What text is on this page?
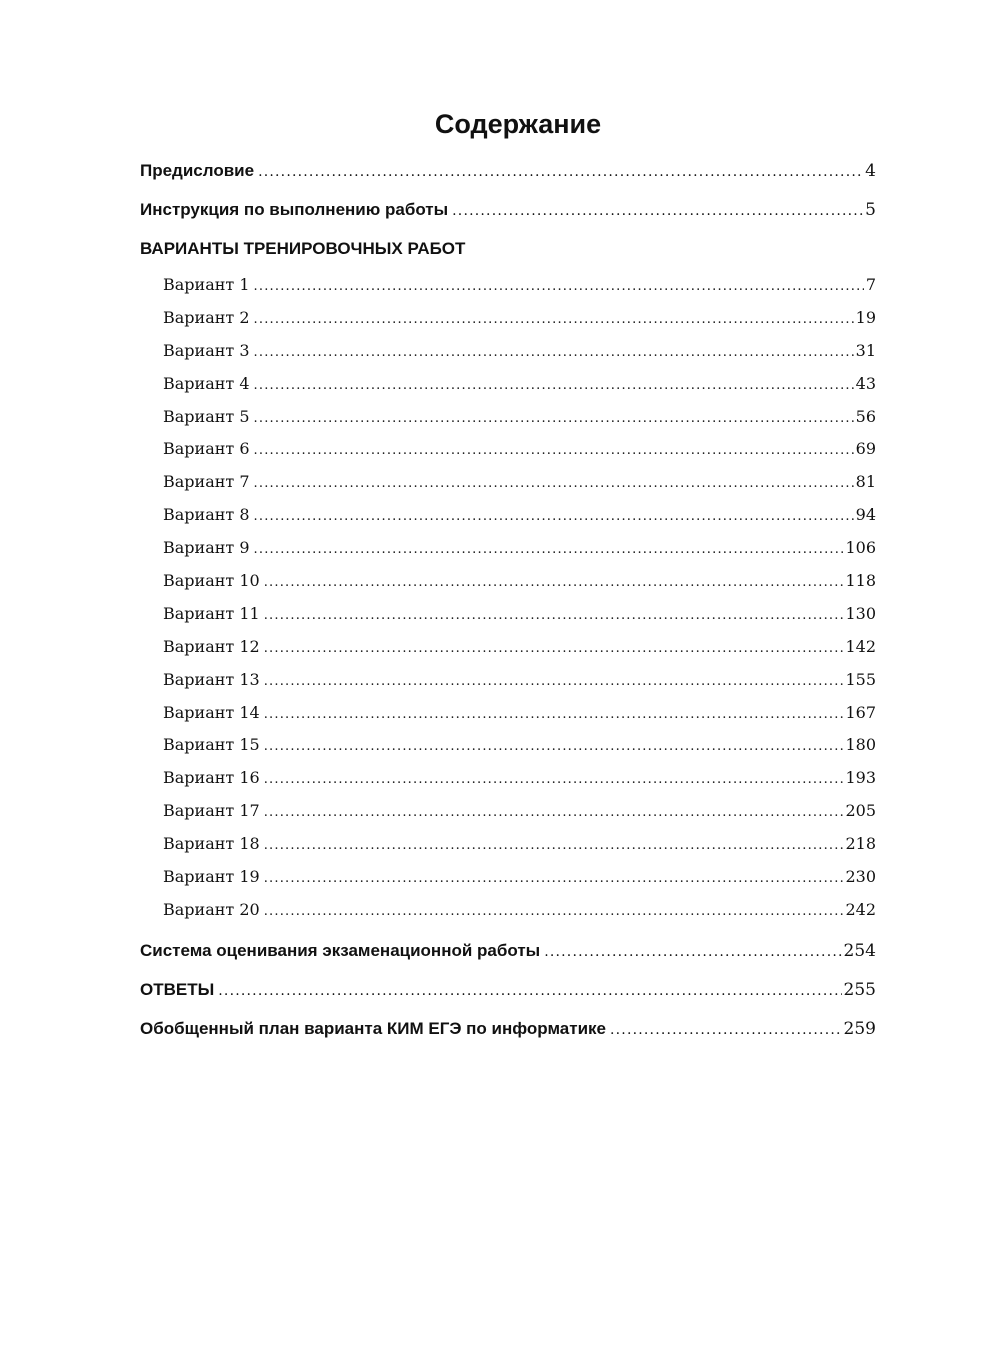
Содержание
Предисловие .....	4
Инструкция по выполнению работы .....	5
ВАРИАНТЫ ТРЕНИРОВОЧНЫХ РАБОТ
Вариант 1 .....	7
Вариант 2 .....	19
Вариант 3 .....	31
Вариант 4 .....	43
Вариант 5 .....	56
Вариант 6 .....	69
Вариант 7 .....	81
Вариант 8 .....	94
Вариант 9 .....	106
Вариант 10 .....	118
Вариант 11 .....	130
Вариант 12 .....	142
Вариант 13 .....	155
Вариант 14 .....	167
Вариант 15 .....	180
Вариант 16 .....	193
Вариант 17 .....	205
Вариант 18 .....	218
Вариант 19 .....	230
Вариант 20 .....	242
Система оценивания экзаменационной работы .....	254
ОТВЕТЫ .....	255
Обобщенный план варианта КИМ ЕГЭ по информатике .....	259
